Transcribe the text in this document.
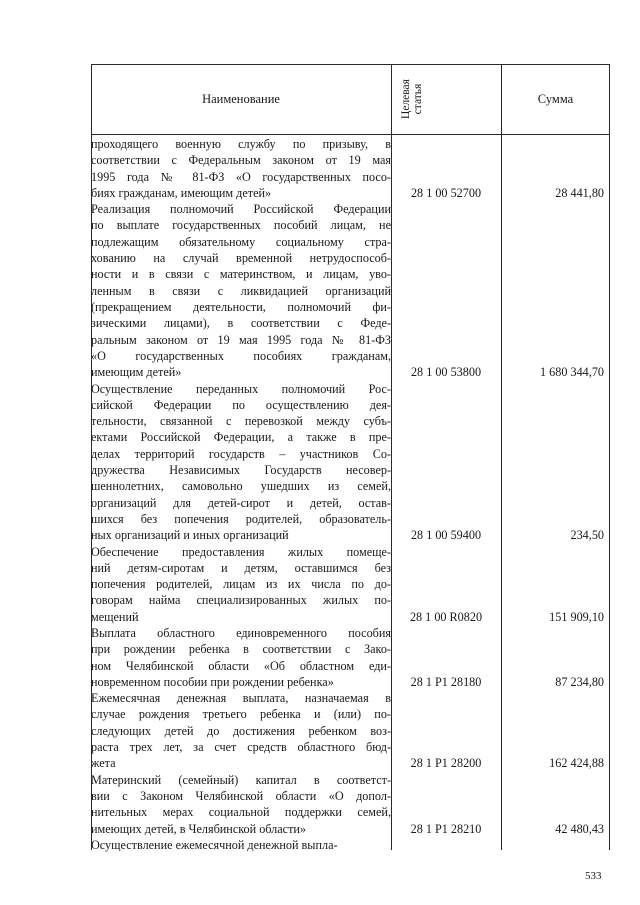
Наименование	Целевая статья	Сумма
проходящего военную службу по призыву, в
соответствии с Федеральным законом от 19 мая
1995 года № 81-ФЗ «О государственных посо-
биях гражданам, имеющим детей»	28 1 00 52700	28 441,80
Реализация полномочий Российской Федерации
по выплате государственных пособий лицам, не
подлежащим обязательному социальному стра-
хованию на случай временной нетрудоспособ-
ности и в связи с материнством, и лицам, уво-
ленным в связи с ликвидацией организаций
(прекращением деятельности, полномочий фи-
зическими лицами), в соответствии с Феде-
ральным законом от 19 мая 1995 года № 81-ФЗ
«О государственных пособиях гражданам,
имеющим детей»	28 1 00 53800	1 680 344,70
Осуществление переданных полномочий Рос-
сийской Федерации по осуществлению дея-
тельности, связанной с перевозкой между субъ-
ектами Российской Федерации, а также в пре-
делах территорий государств – участников Со-
дружества Независимых Государств несовер-
шеннолетних, самовольно ушедших из семей,
организаций для детей-сирот и детей, остав-
шихся без попечения родителей, образователь-
ных организаций и иных организаций	28 1 00 59400	234,50
Обеспечение предоставления жилых помеще-
ний детям-сиротам и детям, оставшимся без
попечения родителей, лицам из их числа по до-
говорам найма специализированных жилых по-
мещений	28 1 00 R0820	151 909,10
Выплата областного единовременного пособия
при рождении ребенка в соответствии с Зако-
ном Челябинской области «Об областном еди-
новременном пособии при рождении ребенка»	28 1 P1 28180	87 234,80
Ежемесячная денежная выплата, назначаемая в
случае рождения третьего ребенка и (или) по-
следующих детей до достижения ребенком воз-
раста трех лет, за счет средств областного бюд-
жета	28 1 P1 28200	162 424,88
Материнский (семейный) капитал в соответст-
вии с Законом Челябинской области «О допол-
нительных мерах социальной поддержки семей,
имеющих детей, в Челябинской области»	28 1 P1 28210	42 480,43
Осуществление ежемесячной денежной выпла-
533
